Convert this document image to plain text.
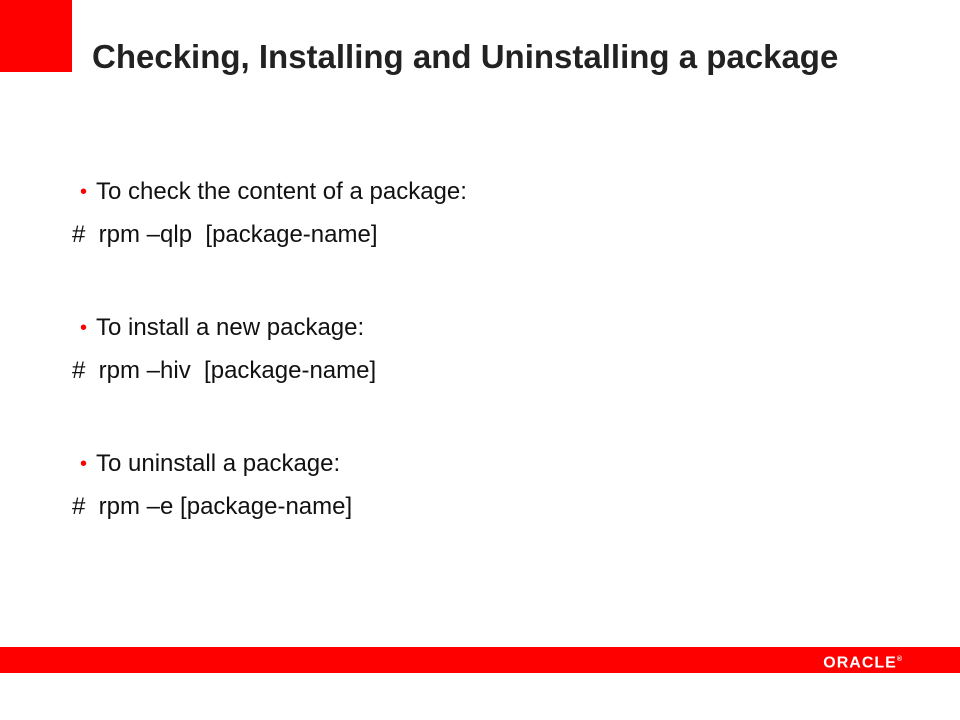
Checking, Installing and Uninstalling a package
• To check the content of a package:
#  rpm –qlp  [package-name]
• To install a new package:
#  rpm –hiv  [package-name]
• To uninstall a package:
#  rpm –e [package-name]
ORACLE®
